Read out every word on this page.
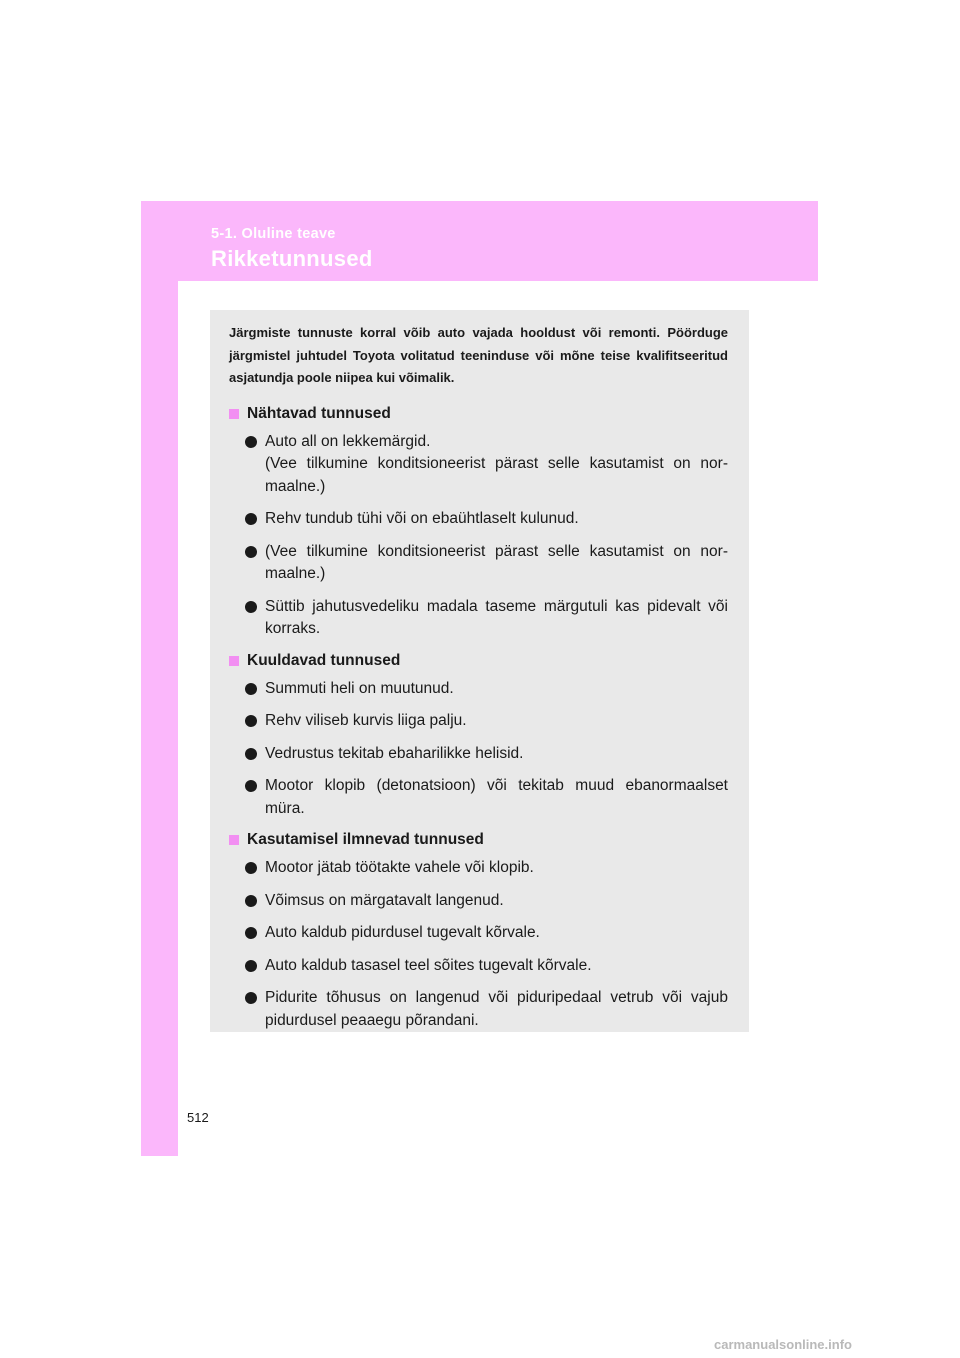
5-1. Oluline teave
Rikketunnused

Järgmiste tunnuste korral võib auto vajada hooldust või remonti. Pöörduge järgmistel juhtudel Toyota volitatud teeninduse või mõne teise kvalifitseeritud asjatundja poole niipea kui võimalik.

Nähtavad tunnused
Auto all on lekkemärgid.
(Vee tilkumine konditsioneerist pärast selle kasutamist on nor-maalne.)
Rehv tundub tühi või on ebaühtlaselt kulunud.
(Vee tilkumine konditsioneerist pärast selle kasutamist on nor-maalne.)
Süttib jahutusvedeliku madala taseme märgutuli kas pidevalt või korraks.
Kuuldavad tunnused
Summuti heli on muutunud.
Rehv viliseb kurvis liiga palju.
Vedrustus tekitab ebaharilikke helisid.
Mootor klopib (detonatsioon) või tekitab muud ebanormaalset müra.
Kasutamisel ilmnevad tunnused
Mootor jätab töötakte vahele või klopib.
Võimsus on märgatavalt langenud.
Auto kaldub pidurdusel tugevalt kõrvale.
Auto kaldub tasasel teel sõites tugevalt kõrvale.
Pidurite tõhusus on langenud või piduripedaal vetrub või vajub pidurdusel peaaegu põrandani.
512
carmanualsonline.info
